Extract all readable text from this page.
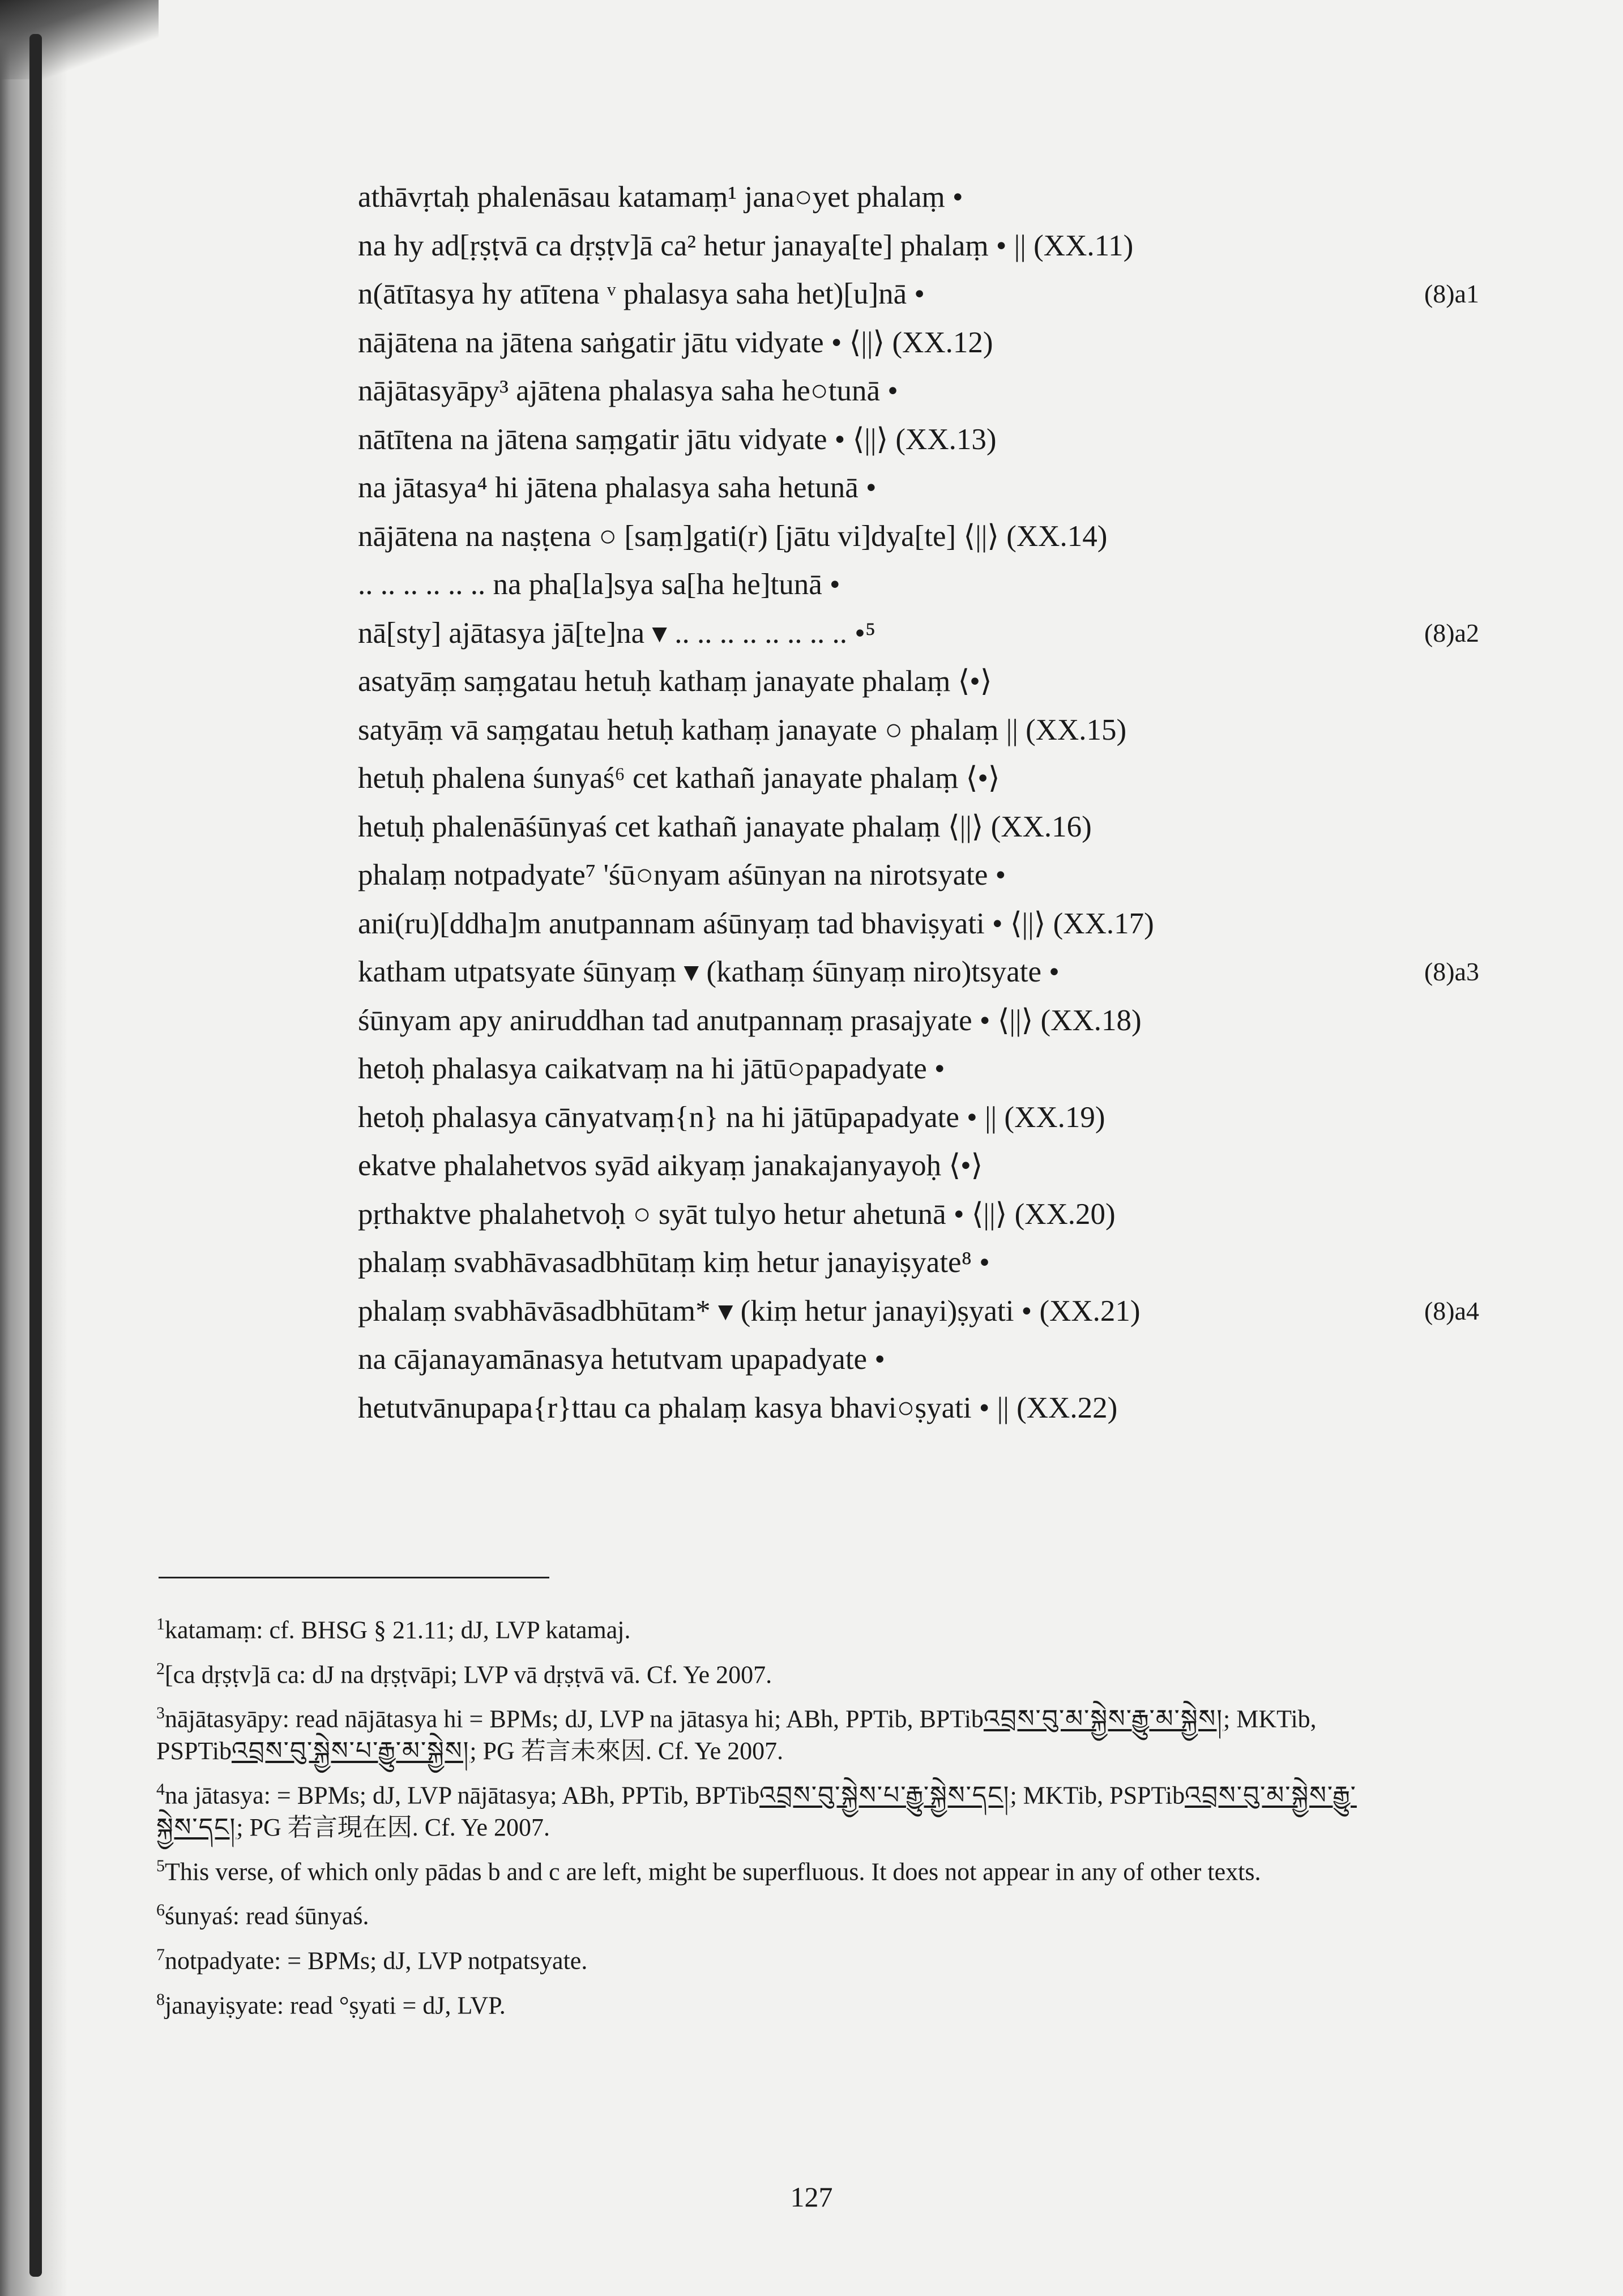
athāvṛtaḥ phalenāsau katamaṃ¹ jana○yet phalaṃ •
na hy ad[ṛṣṭvā ca dṛṣṭv]ā ca² hetur janaya[te] phalaṃ • || (XX.11)
n(ātītasya hy atītena ᵛ phalasya saha het)[u]nā •	(8)a1
nājātena na jātena saṅgatir jātu vidyate • ⟨||⟩ (XX.12)
nājātasyāpy³ ajātena phalasya saha he○tunā •
nātītena na jātena saṃgatir jātu vidyate • ⟨||⟩ (XX.13)
na jātasya⁴ hi jātena phalasya saha hetunā •
nājātena na naṣṭena ○ [saṃ]gati(r) [jātu vi]dya[te] ⟨||⟩ (XX.14)
.. .. .. .. .. .. na pha[la]sya sa[ha he]tunā •
nā[sty] ajātasya jā[te]na ▾ .. .. .. .. .. .. .. .. •⁵	(8)a2
asatyāṃ saṃgatau hetuḥ kathaṃ janayate phalaṃ ⟨•⟩
satyāṃ vā saṃgatau hetuḥ kathaṃ janayate ○ phalaṃ || (XX.15)
hetuḥ phalena śunyaś⁶ cet kathañ janayate phalaṃ ⟨•⟩
hetuḥ phalenāśūnyaś cet kathañ janayate phalaṃ ⟨||⟩ (XX.16)
phalaṃ notpadyate⁷ 'śū○nyam aśūnyan na nirotsyate •
ani(ru)[ddha]m anutpannam aśūnyaṃ tad bhaviṣyati • ⟨||⟩ (XX.17)
katham utpatsyate śūnyaṃ ▾ (kathaṃ śūnyaṃ niro)tsyate •	(8)a3
śūnyam apy aniruddhan tad anutpannaṃ prasajyate • ⟨||⟩ (XX.18)
hetoḥ phalasya caikatvaṃ na hi jātū○papadyate •
hetoḥ phalasya cānyatvaṃ{n} na hi jātūpapadyate • || (XX.19)
ekatve phalahetvos syād aikyaṃ janakajanyayoḥ ⟨•⟩
pṛthaktve phalahetvoḥ ○ syāt tulyo hetur ahetunā • ⟨||⟩ (XX.20)
phalaṃ svabhāvasadbhūtaṃ kiṃ hetur janayiṣyate⁸ •
phalaṃ svabhāvāsadbhūtam* ▾ (kiṃ hetur janayi)ṣyati • (XX.21)	(8)a4
na cājanayamānasya hetutvam upapadyate •
hetutvānupapa{r}ttau ca phalaṃ kasya bhavi○ṣyati • || (XX.22)
$^1$katamaṃ: cf. BHSG § 21.11; dJ, LVP katamaj.
$^2$[ca dṛṣṭv]ā ca: dJ na dṛṣṭvāpi; LVP vā dṛṣṭvā vā. Cf. Ye 2007.
$^3$nājātasyāpy: read nājātasya hi = BPMs; dJ, LVP na jātasya hi; ABh, PPTib, BPTibའབྲས་བུ་མ་སྐྱེས་རྒྱུ་མ་སྐྱེས།; MKTib, PSPTibའབྲས་བུ་སྐྱེས་པ་རྒྱུ་མ་སྐྱེས།; PG 若言未來因. Cf. Ye 2007.
$^4$na jātasya: = BPMs; dJ, LVP nājātasya; ABh, PPTib, BPTibའབྲས་བུ་སྐྱེས་པ་རྒྱུ་སྐྱེས་དང།; MKTib, PSPTibའབྲས་བུ་མ་སྐྱེས་རྒྱུ་སྐྱེས་དང།; PG 若言現在因. Cf. Ye 2007.
$^5$This verse, of which only pādas b and c are left, might be superfluous. It does not appear in any of other texts.
$^6$śunyaś: read śūnyaś.
$^7$notpadyate: = BPMs; dJ, LVP notpatsyate.
$^8$janayiṣyate: read °ṣyati = dJ, LVP.
127
